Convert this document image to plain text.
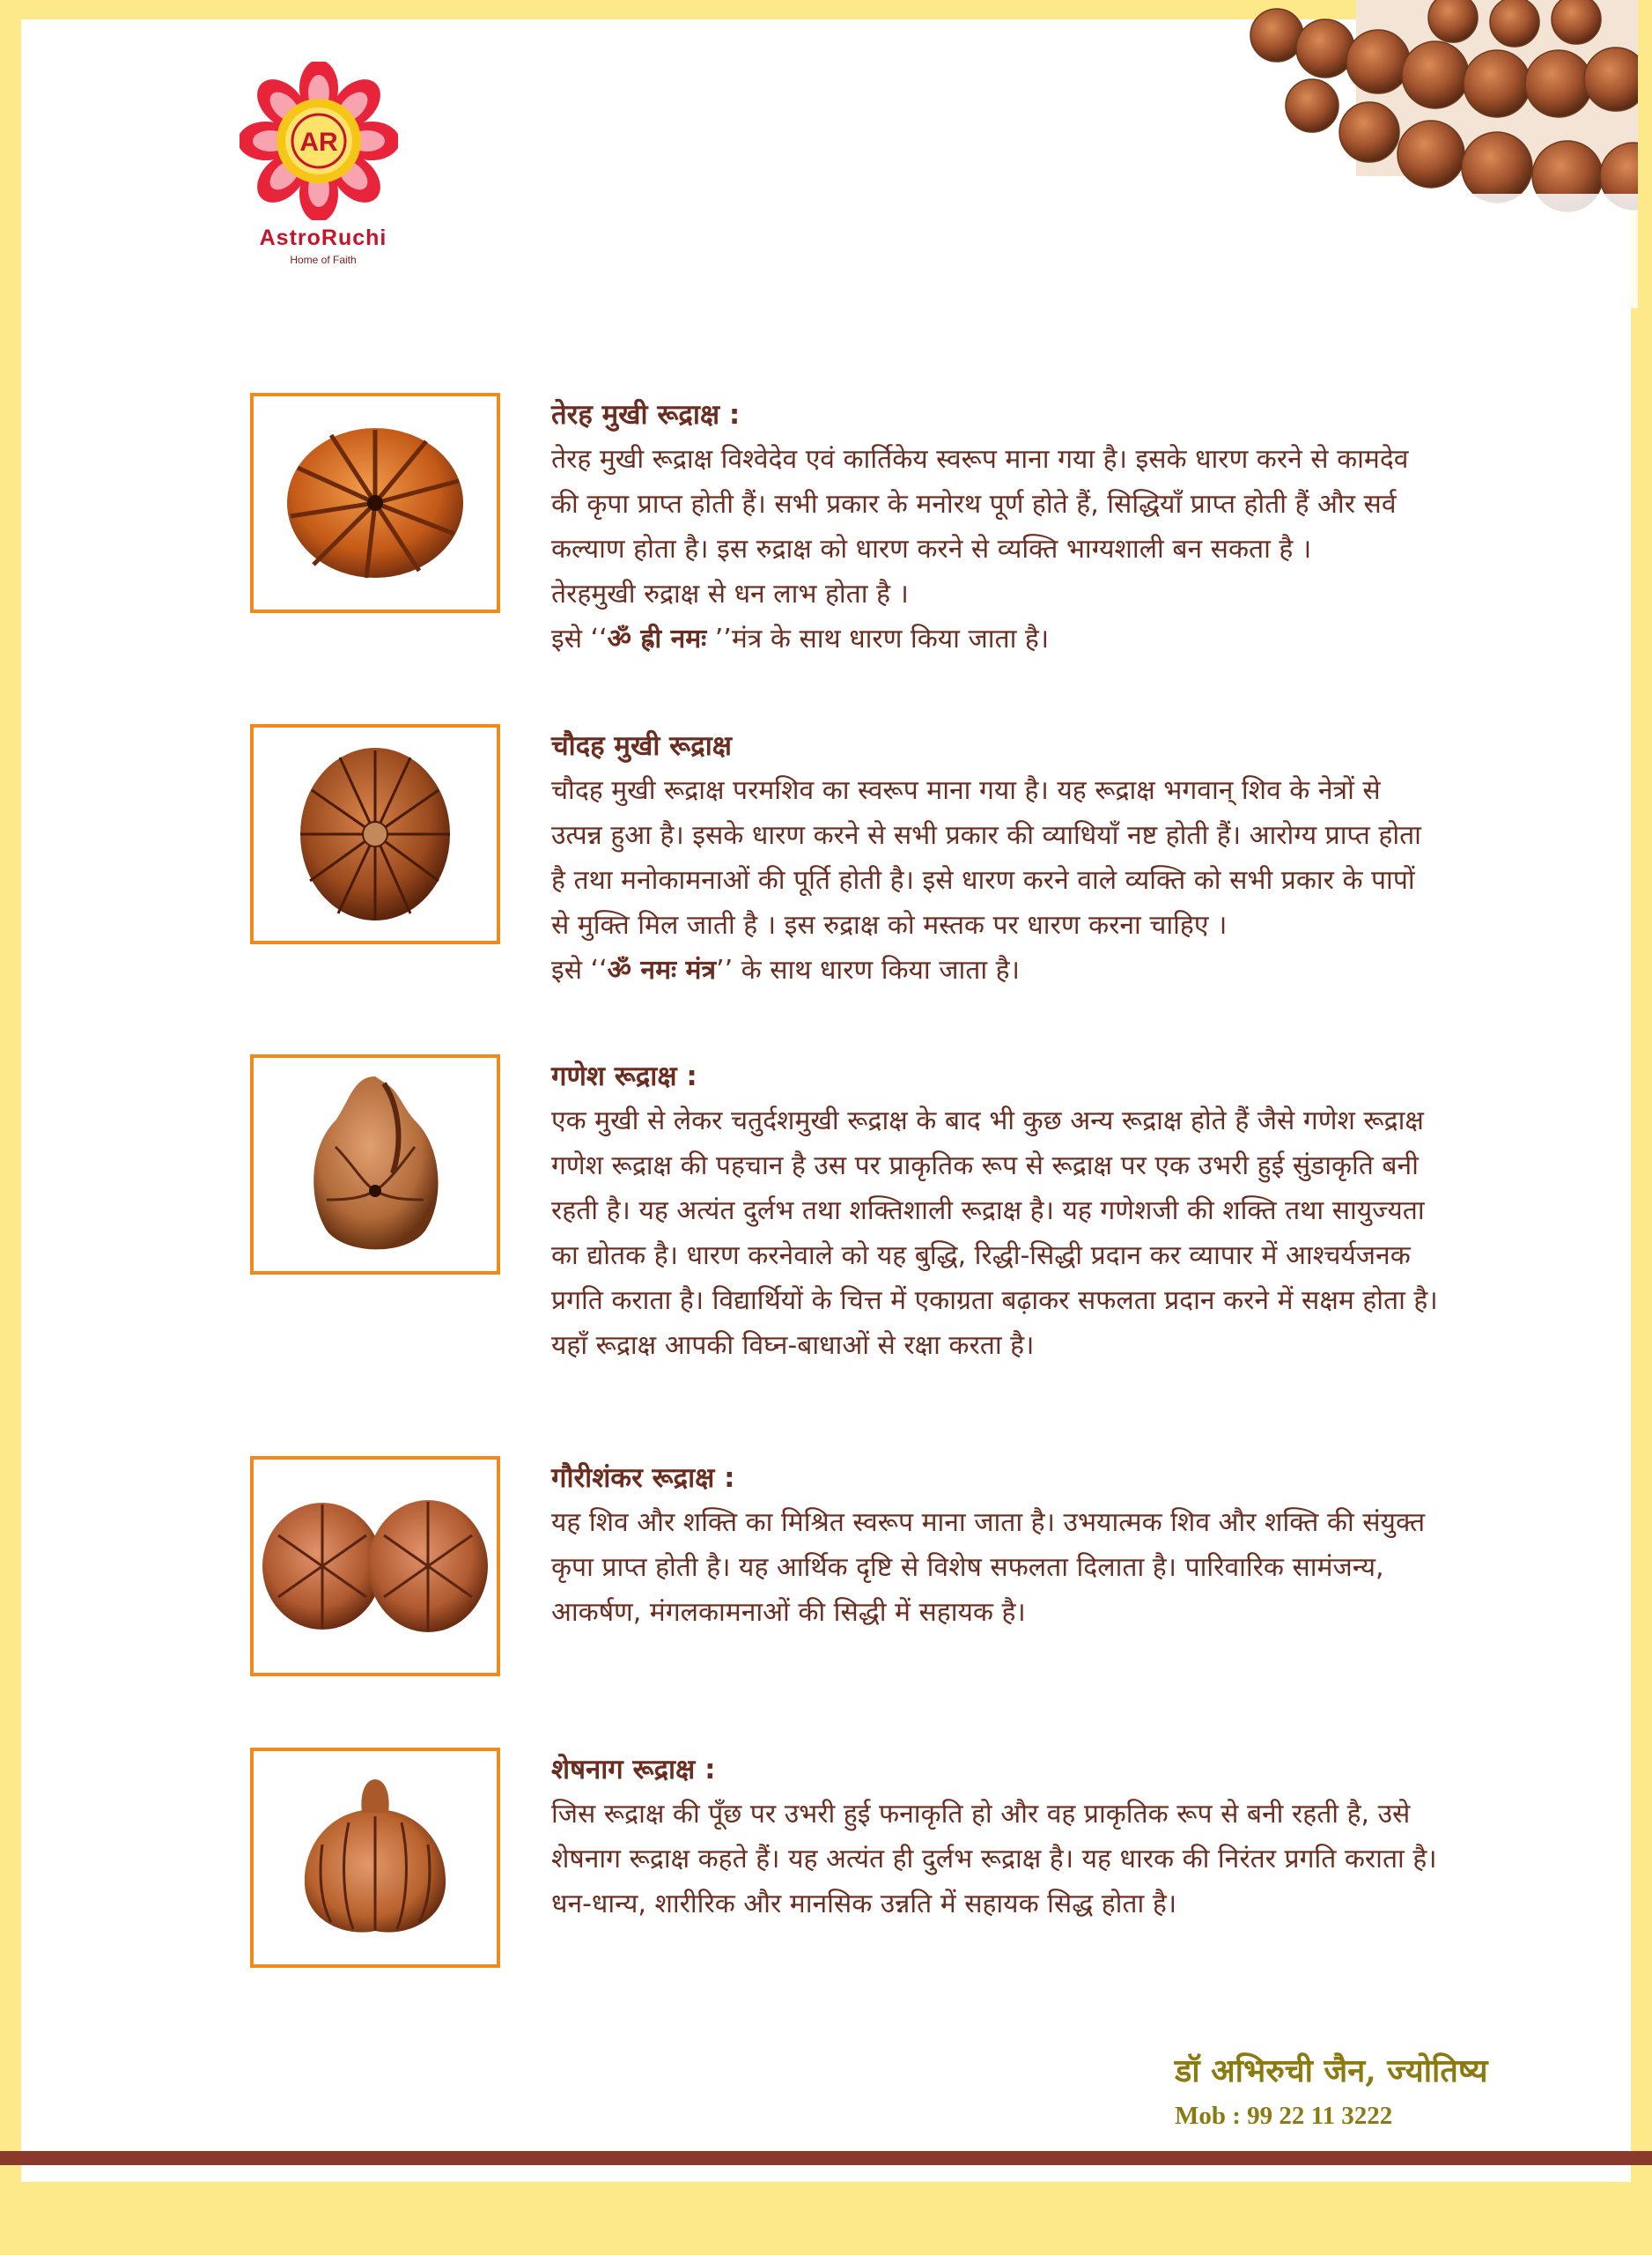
AR
AstroRuchi
Home of Faith
तेरह मुखी रूद्राक्ष :

तेरह मुखी रूद्राक्ष विश्वेदेव एवं कार्तिकेय स्वरूप माना गया है। इसके धारण करने से कामदेव

की कृपा प्राप्त होती हैं। सभी प्रकार के मनोरथ पूर्ण होते हैं, सिद्धियाँ प्राप्त होती हैं और सर्व

कल्याण होता है। इस रुद्राक्ष को धारण करने से व्यक्ति भाग्यशाली बन सकता है ।

तेरहमुखी रुद्राक्ष से धन लाभ होता है ।

इसे ‘‘ॐ ह्री नमः ’’मंत्र के साथ धारण किया जाता है।

चौदह मुखी रूद्राक्ष

चौदह मुखी रूद्राक्ष परमशिव का स्वरूप माना गया है। यह रूद्राक्ष भगवान् शिव के नेत्रों से

उत्पन्न हुआ है। इसके धारण करने से सभी प्रकार की व्याधियाँ नष्ट होती हैं। आरोग्य प्राप्त होता

है तथा मनोकामनाओं की पूर्ति होती है। इसे धारण करने वाले व्यक्ति को सभी प्रकार के पापों

से मुक्ति मिल जाती है । इस रुद्राक्ष को मस्तक पर धारण करना चाहिए ।

इसे ‘‘ॐ नमः मंत्र’’ के साथ धारण किया जाता है।

गणेश रूद्राक्ष :

एक मुखी से लेकर चतुर्दशमुखी रूद्राक्ष के बाद भी कुछ अन्य रूद्राक्ष होते हैं जैसे गणेश रूद्राक्ष

गणेश रूद्राक्ष की पहचान है उस पर प्राकृतिक रूप से रूद्राक्ष पर एक उभरी हुई सुंडाकृति बनी

रहती है। यह अत्यंत दुर्लभ तथा शक्तिशाली रूद्राक्ष है। यह गणेशजी की शक्ति तथा सायुज्यता

का द्योतक है। धारण करनेवाले को यह बुद्धि, रिद्धी-सिद्धी प्रदान कर व्यापार में आश्चर्यजनक

प्रगति कराता है। विद्यार्थियों के चित्त में एकाग्रता बढ़ाकर सफलता प्रदान करने में सक्षम होता है।

यहाँ रूद्राक्ष आपकी विघ्न-बाधाओं से रक्षा करता है।

गौरीशंकर रूद्राक्ष :

यह शिव और शक्ति का मिश्रित स्वरूप माना जाता है। उभयात्मक शिव और शक्ति की संयुक्त

कृपा प्राप्त होती है। यह आर्थिक दृष्टि से विशेष सफलता दिलाता है। पारिवारिक सामंजन्य,

आकर्षण, मंगलकामनाओं की सिद्धी में सहायक है।

शेषनाग रूद्राक्ष :

जिस रूद्राक्ष की पूँछ पर उभरी हुई फनाकृति हो और वह प्राकृतिक रूप से बनी रहती है, उसे

शेषनाग रूद्राक्ष कहते हैं। यह अत्यंत ही दुर्लभ रूद्राक्ष है। यह धारक की निरंतर प्रगति कराता है।

धन-धान्य, शारीरिक और मानसिक उन्नति में सहायक सिद्ध होता है।

डॉ अभिरुची जैन, ज्योतिष्य
Mob : 99 22 11 3222
